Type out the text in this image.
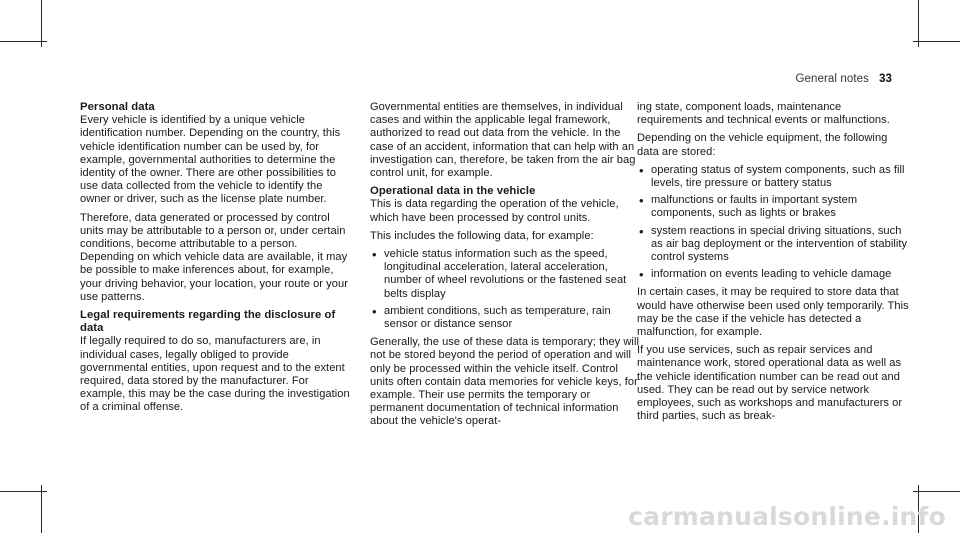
General notes 33
Personal data

Every vehicle is identified by a unique vehicle identification number. Depending on the country, this vehicle identification number can be used by, for example, governmental authorities to determine the identity of the owner. There are other possibilities to use data collected from the vehicle to identify the owner or driver, such as the license plate number.

Therefore, data generated or processed by control units may be attributable to a person or, under certain conditions, become attributable to a person. Depending on which vehicle data are available, it may be possible to make inferences about, for example, your driving behavior, your location, your route or your use patterns.

Legal requirements regarding the disclosure of data

If legally required to do so, manufacturers are, in individual cases, legally obliged to provide governmental entities, upon request and to the extent required, data stored by the manufacturer. For example, this may be the case during the investigation of a criminal offense.

Governmental entities are themselves, in individual cases and within the applicable legal framework, authorized to read out data from the vehicle. In the case of an accident, information that can help with an investigation can, therefore, be taken from the air bag control unit, for example.

Operational data in the vehicle

This is data regarding the operation of the vehicle, which have been processed by control units.

This includes the following data, for example:

• vehicle status information such as the speed, longitudinal acceleration, lateral acceleration, number of wheel revolutions or the fastened seat belts display
• ambient conditions, such as temperature, rain sensor or distance sensor

Generally, the use of these data is temporary; they will not be stored beyond the period of operation and will only be processed within the vehicle itself. Control units often contain data memories for vehicle keys, for example. Their use permits the temporary or permanent documentation of technical information about the vehicle's operat-

ing state, component loads, maintenance requirements and technical events or malfunctions.

Depending on the vehicle equipment, the following data are stored:

• operating status of system components, such as fill levels, tire pressure or battery status
• malfunctions or faults in important system components, such as lights or brakes
• system reactions in special driving situations, such as air bag deployment or the intervention of stability control systems
• information on events leading to vehicle damage

In certain cases, it may be required to store data that would have otherwise been used only temporarily. This may be the case if the vehicle has detected a malfunction, for example.

If you use services, such as repair services and maintenance work, stored operational data as well as the vehicle identification number can be read out and used. They can be read out by service network employees, such as workshops and manufacturers or third parties, such as break-

carmanualsonline.info
